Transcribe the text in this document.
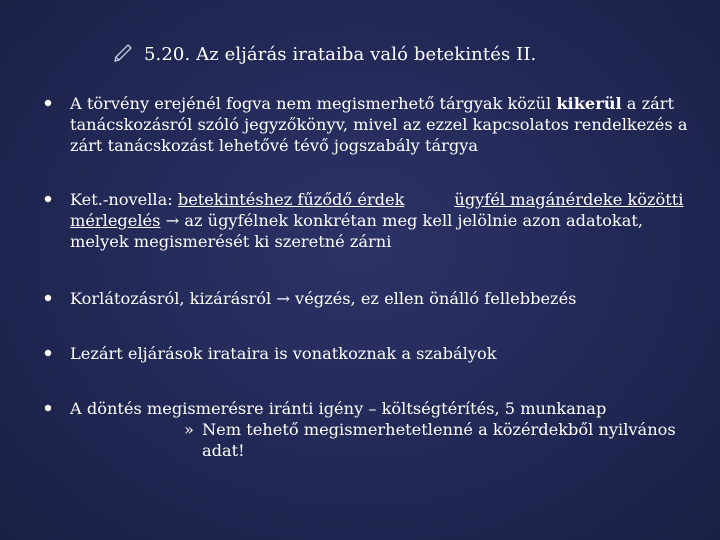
5.20. Az eljárás irataiba való betekintés II.
A törvény erejénél fogva nem megismerhető tárgyak közül kikerül a zárt tanácskozásról szóló jegyzőkönyv, mivel az ezzel kapcsolatos rendelkezés a zárt tanácskozást lehetővé tévő jogszabály tárgya
Ket.-novella: betekintéshez fűződő érdek	ügyfél magánérdeke közötti mérlegelés → az ügyfélnek konkrétan meg kell jelölnie azon adatokat, melyek megismerését ki szeretné zárni
Korlátozásról, kizárásról → végzés, ez ellen önálló fellebbezés
Lezárt eljárások irataira is vonatkoznak a szabályok
A döntés megismerésre iránti igény – költségtérítés, 5 munkanap
» Nem tehető megismerhetetlenné a közérdekből nyilvános adat!
